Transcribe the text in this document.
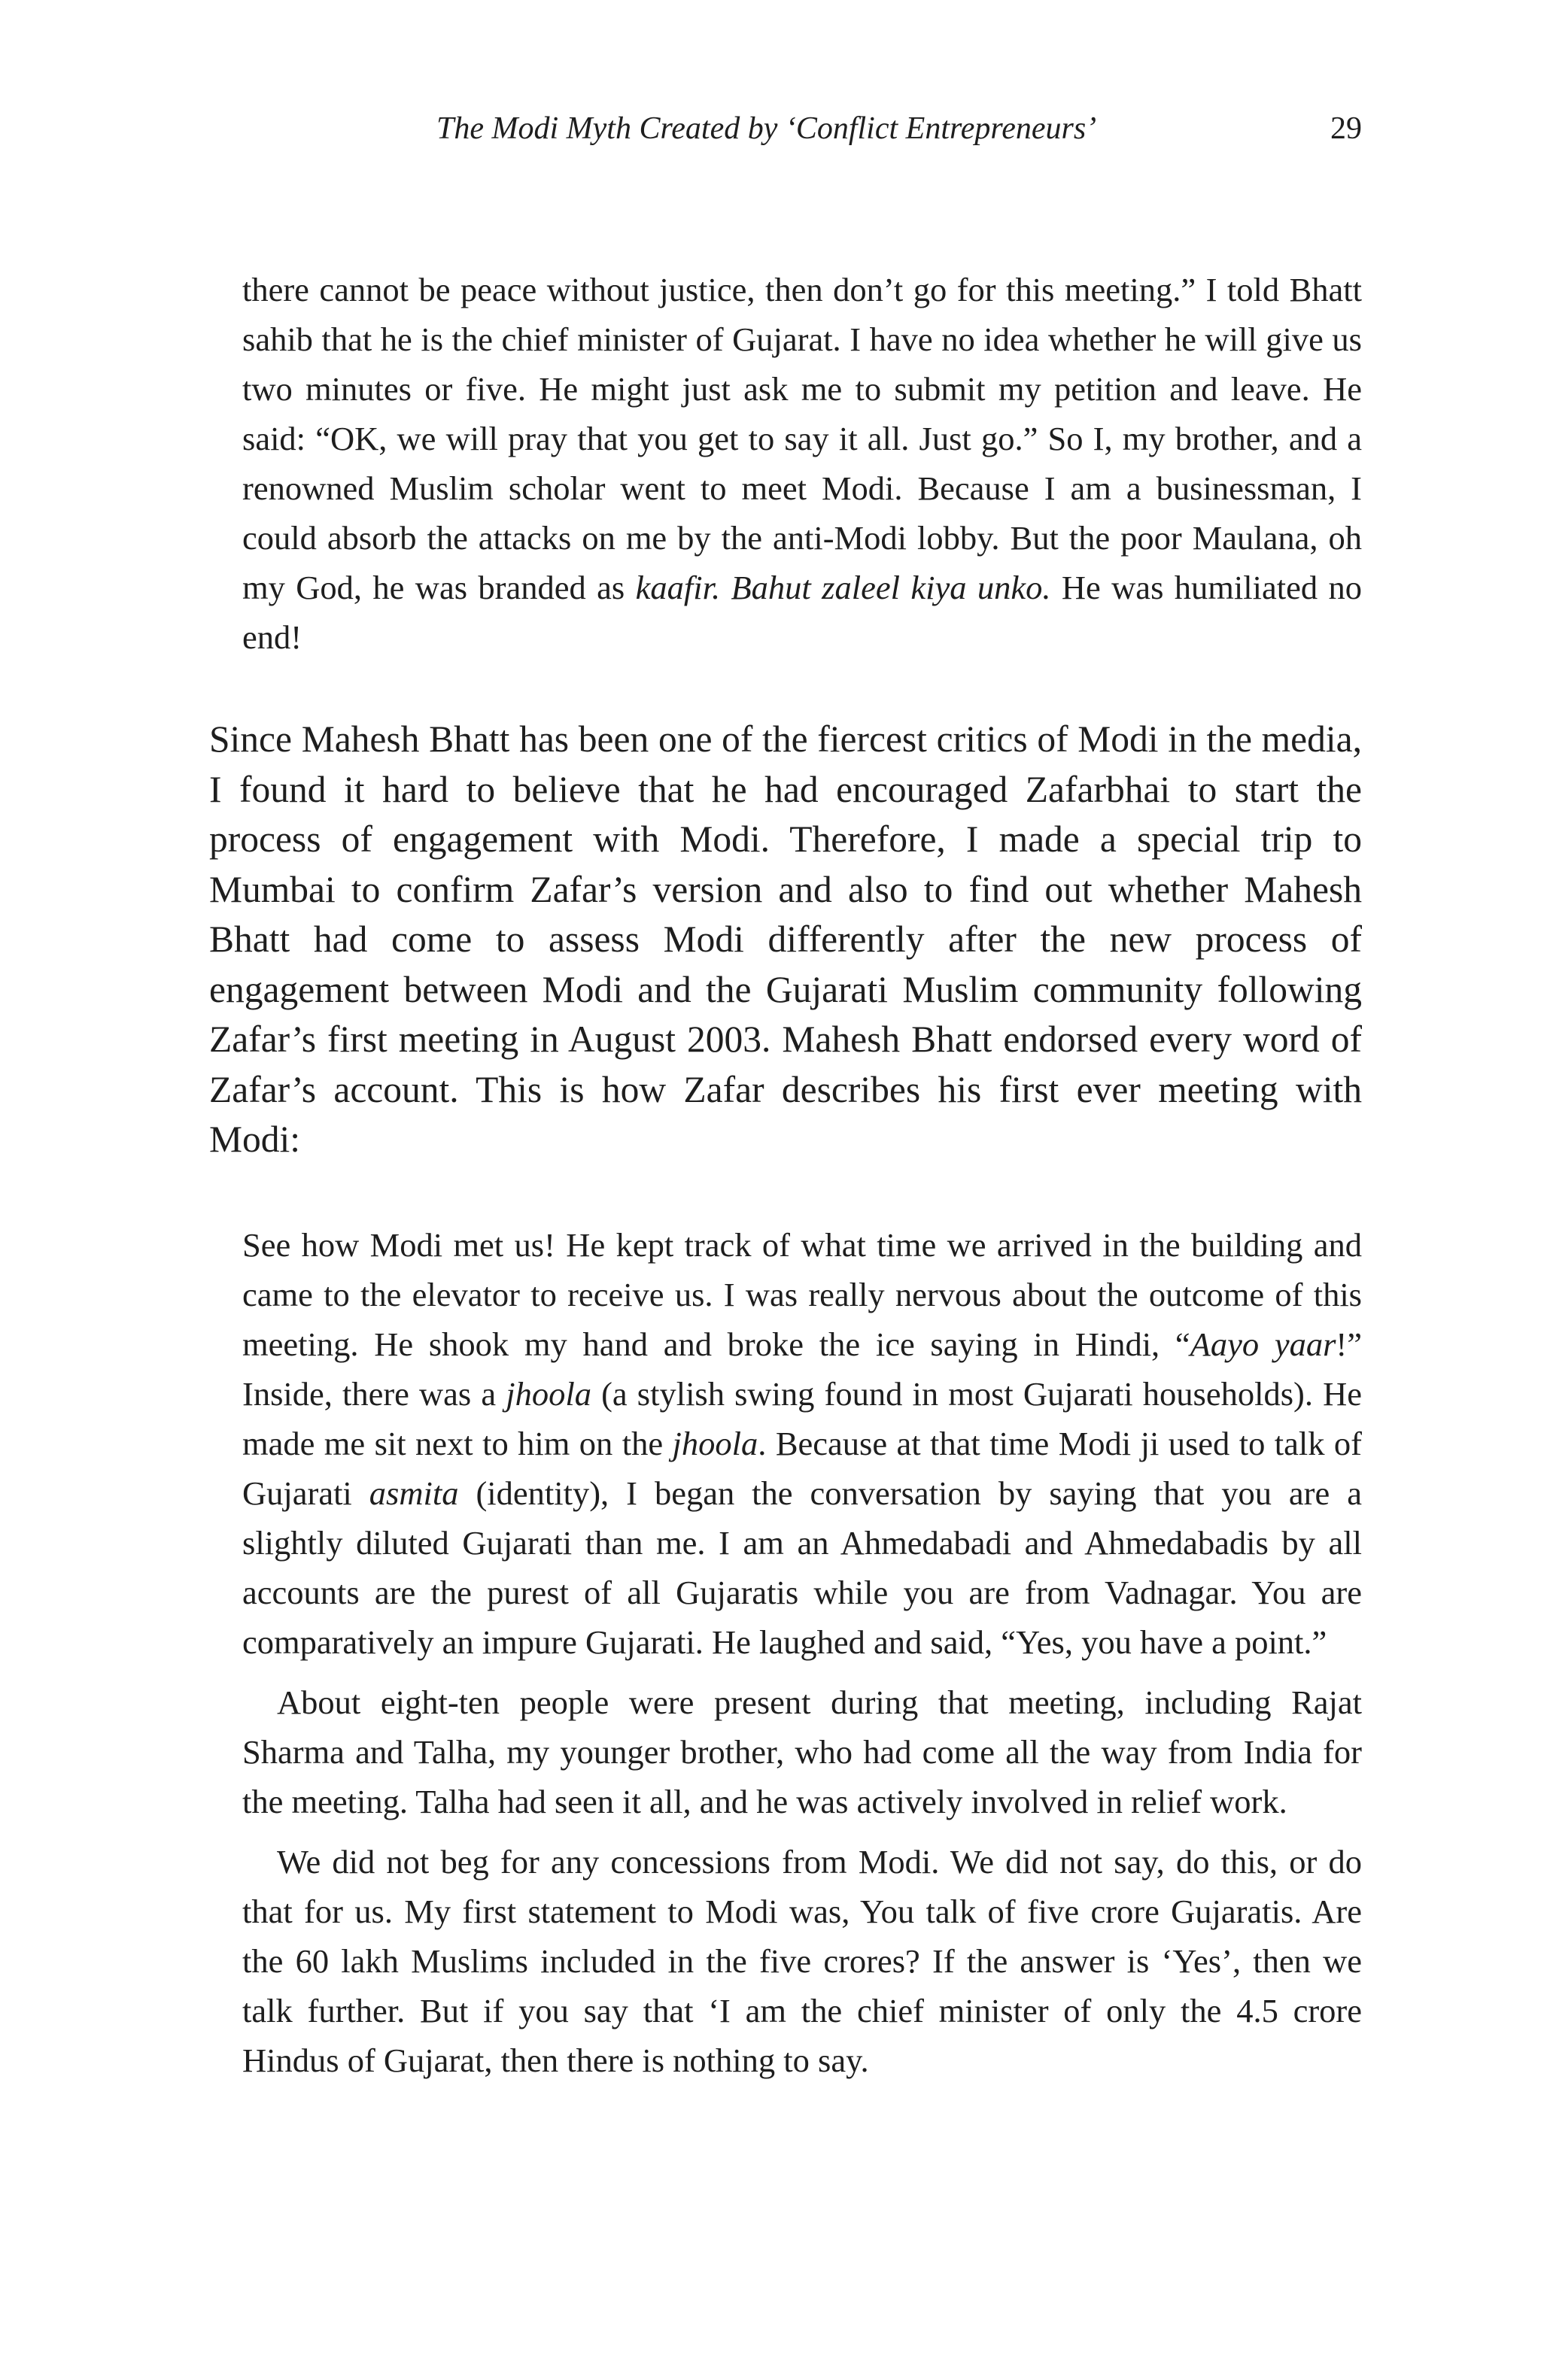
The Modi Myth Created by ‘Conflict Entrepreneurs’	29

there cannot be peace without justice, then don’t go for this meeting.” I told Bhatt sahib that he is the chief minister of Gujarat. I have no idea whether he will give us two minutes or five. He might just ask me to submit my petition and leave. He said: “OK, we will pray that you get to say it all. Just go.” So I, my brother, and a renowned Muslim scholar went to meet Modi. Because I am a businessman, I could absorb the attacks on me by the anti-Modi lobby. But the poor Maulana, oh my God, he was branded as kaafir. Bahut zaleel kiya unko. He was humiliated no end!

Since Mahesh Bhatt has been one of the fiercest critics of Modi in the media, I found it hard to believe that he had encouraged Zafarbhai to start the process of engagement with Modi. Therefore, I made a special trip to Mumbai to confirm Zafar’s version and also to find out whether Mahesh Bhatt had come to assess Modi differently after the new process of engagement between Modi and the Gujarati Muslim community following Zafar’s first meeting in August 2003. Mahesh Bhatt endorsed every word of Zafar’s account. This is how Zafar describes his first ever meeting with Modi:

See how Modi met us! He kept track of what time we arrived in the building and came to the elevator to receive us. I was really nervous about the outcome of this meeting. He shook my hand and broke the ice saying in Hindi, “Aayo yaar!” Inside, there was a jhoola (a stylish swing found in most Gujarati households). He made me sit next to him on the jhoola. Because at that time Modi ji used to talk of Gujarati asmita (identity), I began the conversation by saying that you are a slightly diluted Gujarati than me. I am an Ahmedabadi and Ahmedabadis by all accounts are the purest of all Gujaratis while you are from Vadnagar. You are comparatively an impure Gujarati. He laughed and said, “Yes, you have a point.”

About eight-ten people were present during that meeting, including Rajat Sharma and Talha, my younger brother, who had come all the way from India for the meeting. Talha had seen it all, and he was actively involved in relief work.

We did not beg for any concessions from Modi. We did not say, do this, or do that for us. My first statement to Modi was, You talk of five crore Gujaratis. Are the 60 lakh Muslims included in the five crores? If the answer is ‘Yes’, then we talk further. But if you say that ‘I am the chief minister of only the 4.5 crore Hindus of Gujarat, then there is nothing to say.
